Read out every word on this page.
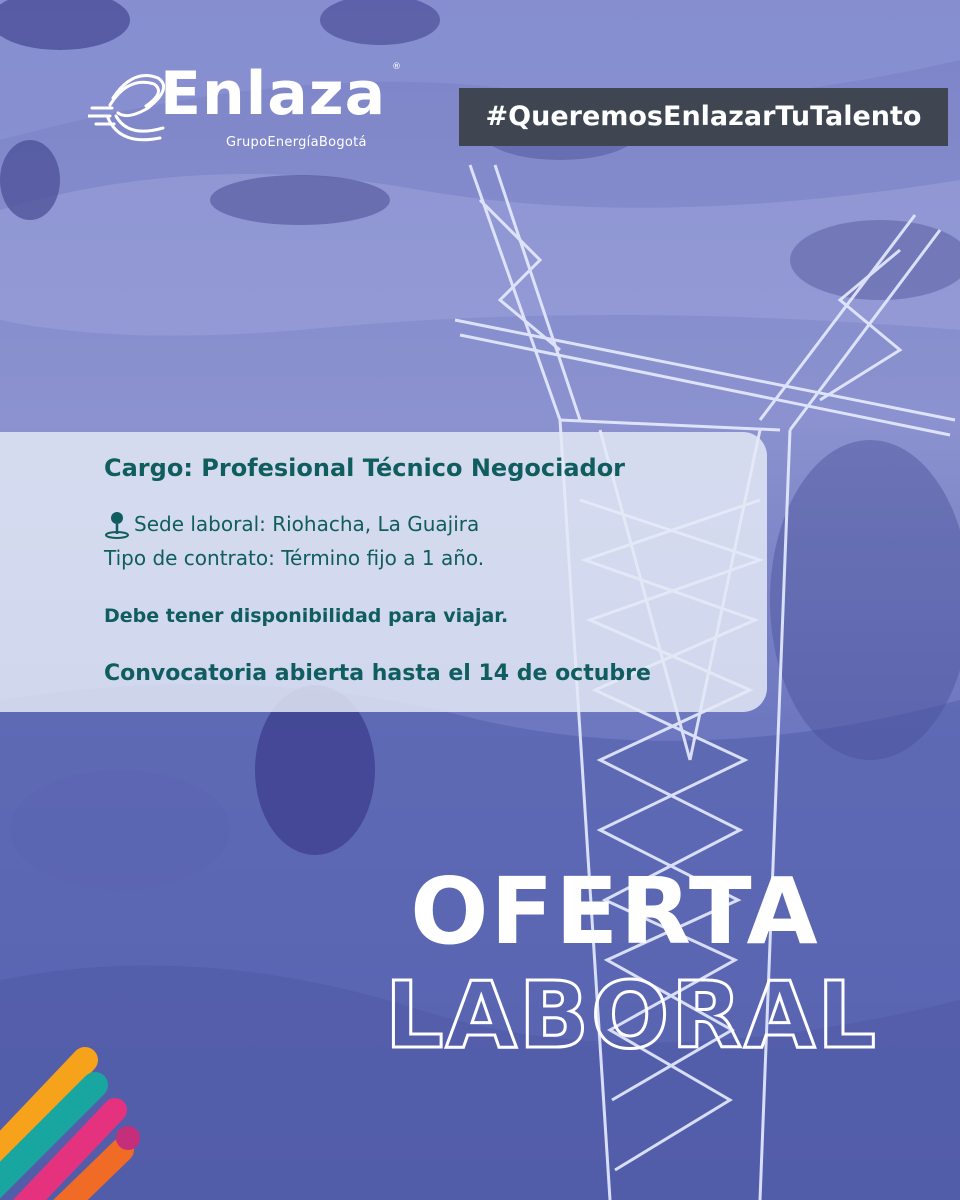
Enlaza ®
GrupoEnergíaBogotá
#QueremosEnlazarTuTalento
Cargo: Profesional Técnico Negociador
Sede laboral: Riohacha, La Guajira
Tipo de contrato: Término fijo a 1 año.
Debe tener disponibilidad para viajar.
Convocatoria abierta hasta el 14 de octubre
OFERTA
LABORAL
